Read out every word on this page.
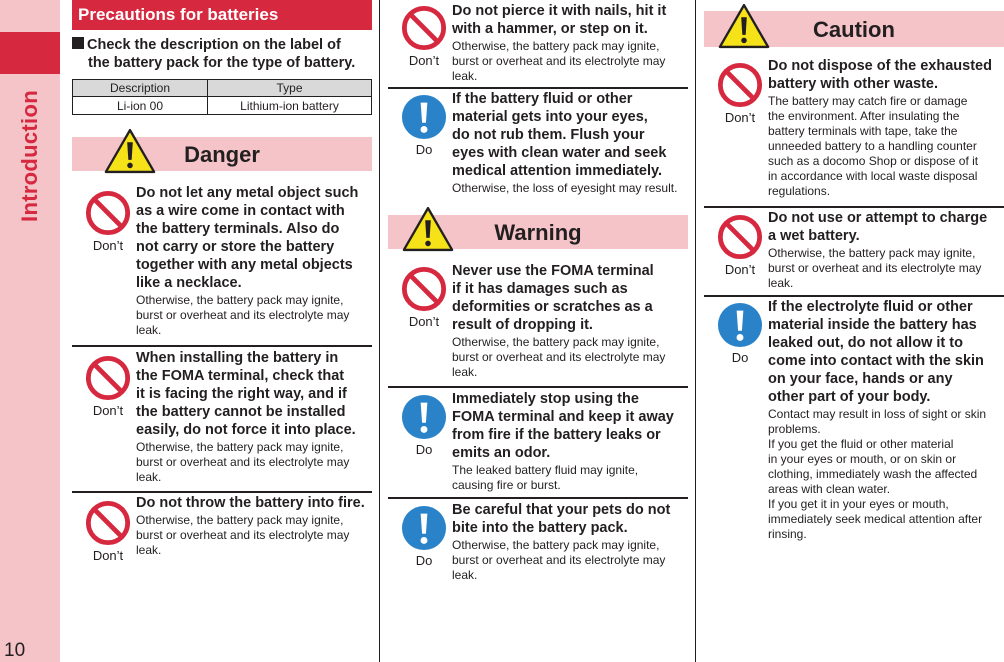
Introduction
10
Precautions for batteries
Check the description on the label of
the battery pack for the type of battery.
Description	Type
Li-ion 00	Lithium-ion battery
Danger
Don’t
Do not let any metal object such
as a wire come in contact with
the battery terminals. Also do
not carry or store the battery
together with any metal objects
like a necklace.
Otherwise, the battery pack may ignite,
burst or overheat and its electrolyte may
leak.
Don’t
When installing the battery in
the FOMA terminal, check that
it is facing the right way, and if
the battery cannot be installed
easily, do not force it into place.
Otherwise, the battery pack may ignite,
burst or overheat and its electrolyte may
leak.
Don’t
Do not throw the battery into fire.
Otherwise, the battery pack may ignite,
burst or overheat and its electrolyte may
leak.
Don’t
Do not pierce it with nails, hit it
with a hammer, or step on it.
Otherwise, the battery pack may ignite,
burst or overheat and its electrolyte may
leak.
Do
If the battery fluid or other
material gets into your eyes,
do not rub them. Flush your
eyes with clean water and seek
medical attention immediately.
Otherwise, the loss of eyesight may result.
Warning
Don’t
Never use the FOMA terminal
if it has damages such as
deformities or scratches as a
result of dropping it.
Otherwise, the battery pack may ignite,
burst or overheat and its electrolyte may
leak.
Do
Immediately stop using the
FOMA terminal and keep it away
from fire if the battery leaks or
emits an odor.
The leaked battery fluid may ignite,
causing fire or burst.
Do
Be careful that your pets do not
bite into the battery pack.
Otherwise, the battery pack may ignite,
burst or overheat and its electrolyte may
leak.
Caution
Don’t
Do not dispose of the exhausted
battery with other waste.
The battery may catch fire or damage
the environment. After insulating the
battery terminals with tape, take the
unneeded battery to a handling counter
such as a docomo Shop or dispose of it
in accordance with local waste disposal
regulations.
Don’t
Do not use or attempt to charge
a wet battery.
Otherwise, the battery pack may ignite,
burst or overheat and its electrolyte may
leak.
Do
If the electrolyte fluid or other
material inside the battery has
leaked out, do not allow it to
come into contact with the skin
on your face, hands or any
other part of your body.
Contact may result in loss of sight or skin
problems.
If you get the fluid or other material
in your eyes or mouth, or on skin or
clothing, immediately wash the affected
areas with clean water.
If you get it in your eyes or mouth,
immediately seek medical attention after
rinsing.
